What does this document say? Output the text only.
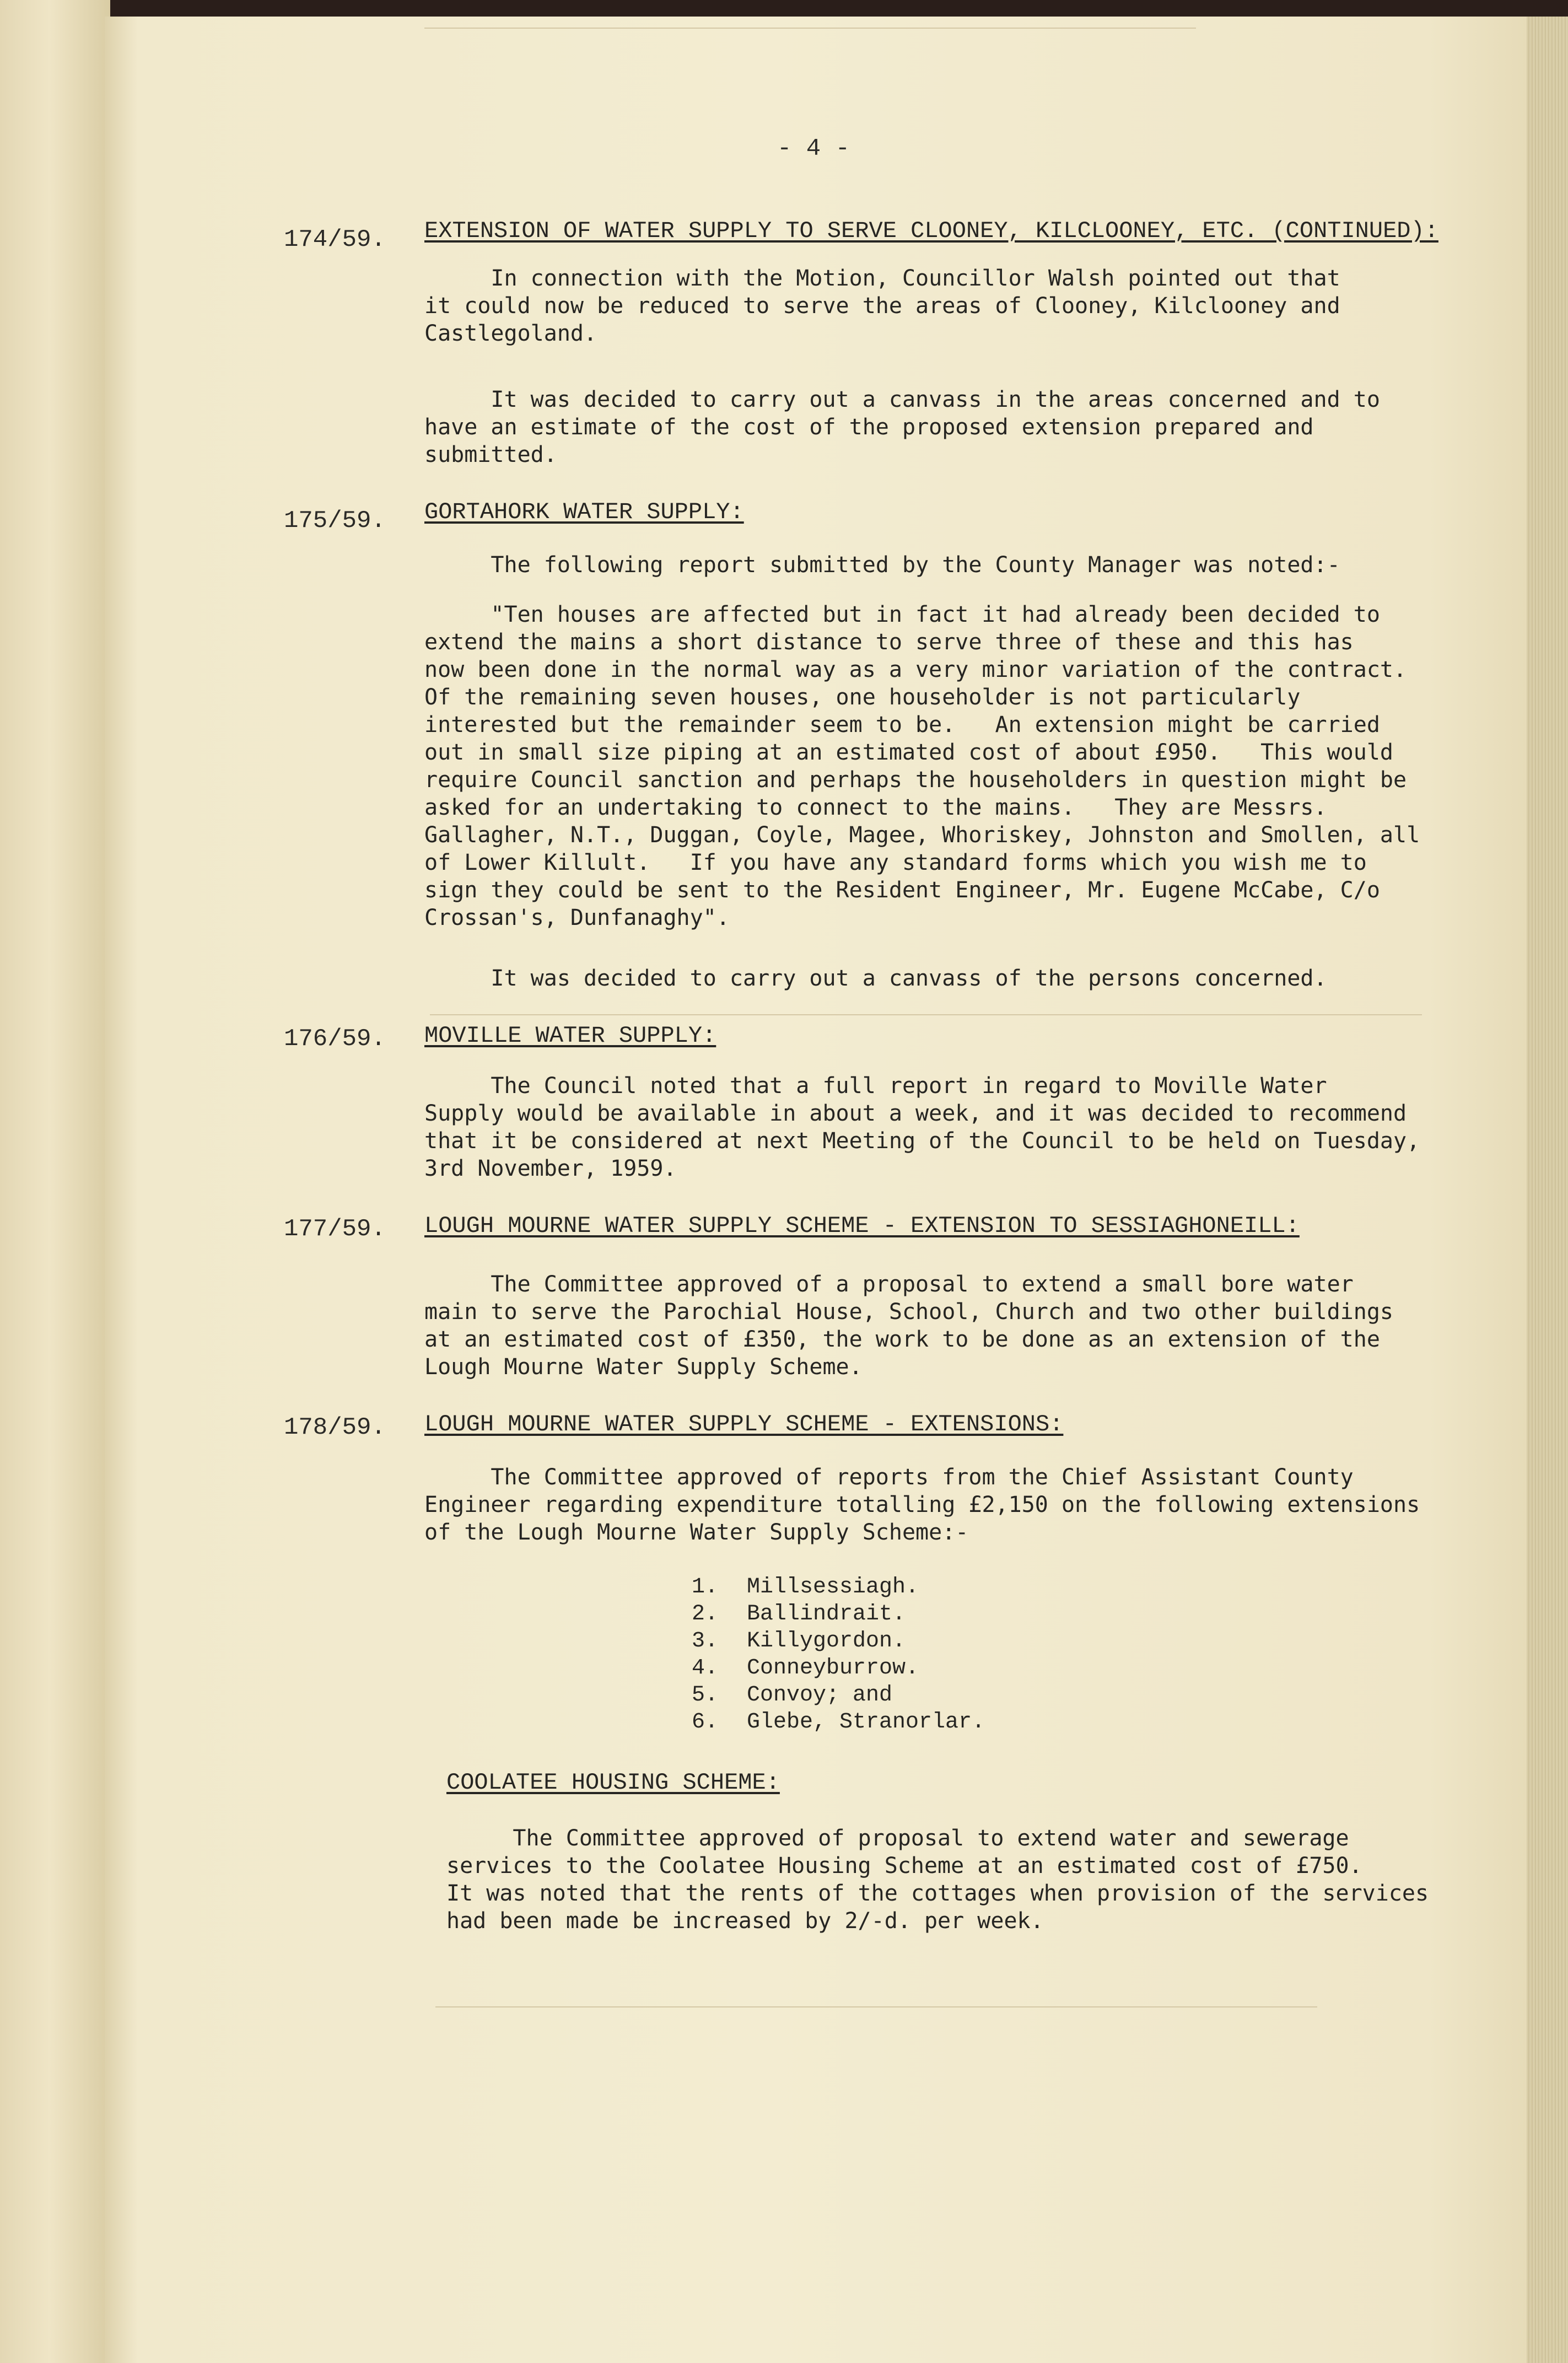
- 4 -
174/59. EXTENSION OF WATER SUPPLY TO SERVE CLOONEY, KILCLOONEY, ETC. (CONTINUED):
In connection with the Motion, Councillor Walsh pointed out that
it could now be reduced to serve the areas of Clooney, Kilclooney and
Castlegoland.
It was decided to carry out a canvass in the areas concerned and to
have an estimate of the cost of the proposed extension prepared and
submitted.
175/59. GORTAHORK WATER SUPPLY:
The following report submitted by the County Manager was noted:-
"Ten houses are affected but in fact it had already been decided to
extend the mains a short distance to serve three of these and this has
now been done in the normal way as a very minor variation of the contract.
Of the remaining seven houses, one householder is not particularly
interested but the remainder seem to be.   An extension might be carried
out in small size piping at an estimated cost of about £950.   This would
require Council sanction and perhaps the householders in question might be
asked for an undertaking to connect to the mains.   They are Messrs.
Gallagher, N.T., Duggan, Coyle, Magee, Whoriskey, Johnston and Smollen, all
of Lower Killult.   If you have any standard forms which you wish me to
sign they could be sent to the Resident Engineer, Mr. Eugene McCabe, C/o
Crossan's, Dunfanaghy".
It was decided to carry out a canvass of the persons concerned.
176/59. MOVILLE WATER SUPPLY:
The Council noted that a full report in regard to Moville Water
Supply would be available in about a week, and it was decided to recommend
that it be considered at next Meeting of the Council to be held on Tuesday,
3rd November, 1959.
177/59. LOUGH MOURNE WATER SUPPLY SCHEME - EXTENSION TO SESSIAGHONEILL:
The Committee approved of a proposal to extend a small bore water
main to serve the Parochial House, School, Church and two other buildings
at an estimated cost of £350, the work to be done as an extension of the
Lough Mourne Water Supply Scheme.
178/59. LOUGH MOURNE WATER SUPPLY SCHEME - EXTENSIONS:
The Committee approved of reports from the Chief Assistant County
Engineer regarding expenditure totalling £2,150 on the following extensions
of the Lough Mourne Water Supply Scheme:-
1. Millsessiagh.
2. Ballindrait.
3. Killygordon.
4. Conneyburrow.
5. Convoy; and
6. Glebe, Stranorlar.
COOLATEE HOUSING SCHEME:
The Committee approved of proposal to extend water and sewerage
services to the Coolatee Housing Scheme at an estimated cost of £750.
It was noted that the rents of the cottages when provision of the services
had been made be increased by 2/-d. per week.
